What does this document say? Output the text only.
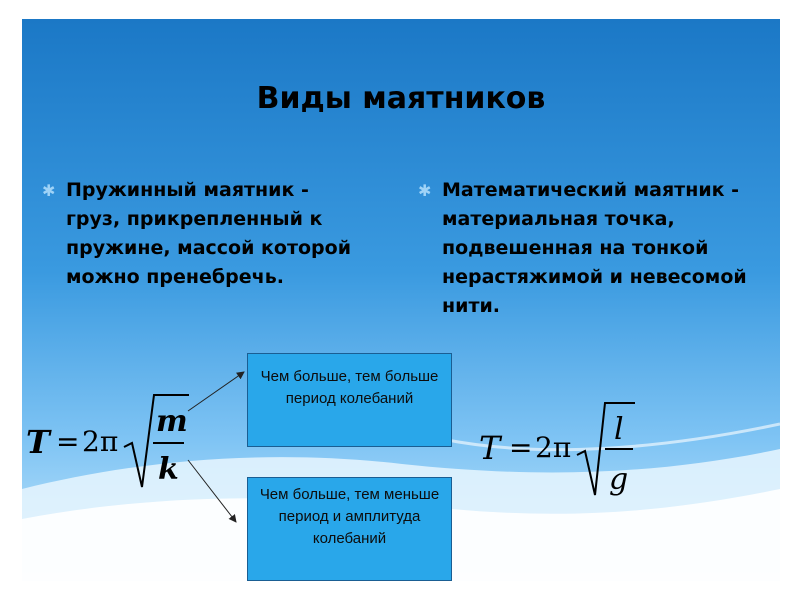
Виды маятников
✱ Пружинный маятник - груз, прикрепленный к пружине, массой которой можно пренебречь.
✱ Математический маятник - материальная точка, подвешенная на тонкой нерастяжимой и невесомой нити.
T = 2π
m
k
T = 2π
l
g
Чем больше, тем больше период колебаний
Чем больше, тем меньше период и амплитуда колебаний
